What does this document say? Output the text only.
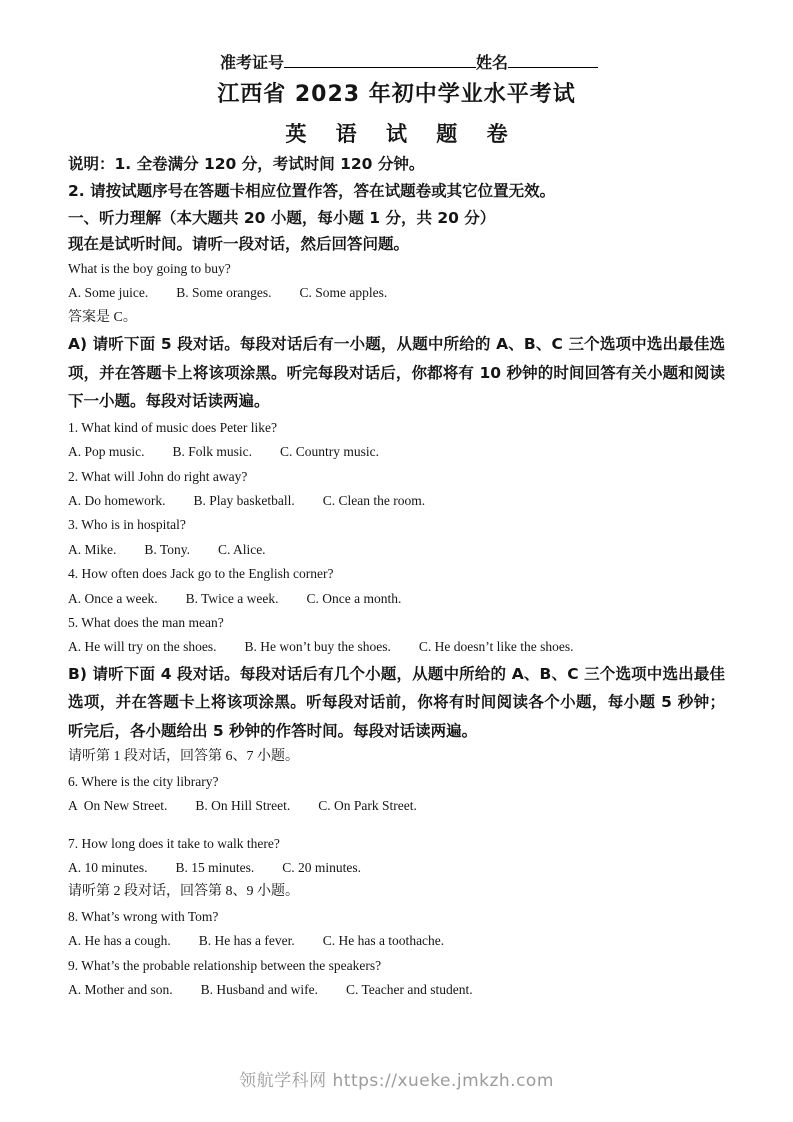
准考证号	姓名
江西省 2023 年初中学业水平考试
英 语 试 题 卷
说明：1. 全卷满分 120 分，考试时间 120 分钟。
2. 请按试题序号在答题卡相应位置作答，答在试题卷或其它位置无效。
一、听力理解（本大题共 20 小题，每小题 1 分，共 20 分）
现在是试听时间。请听一段对话，然后回答问题。
What is the boy going to buy?
A. Some juice. B. Some oranges. C. Some apples.
答案是 C。

A) 请听下面 5 段对话。每段对话后有一小题，从题中所给的 A、B、C 三个选项中选出最佳选项，并在答题卡上将该项涂黑。听完每段对话后，你都将有 10 秒钟的时间回答有关小题和阅读下一小题。每段对话读两遍。

1. What kind of music does Peter like?
A. Pop music. B. Folk music. C. Country music.
2. What will John do right away?
A. Do homework. B. Play basketball. C. Clean the room.
3. Who is in hospital?
A. Mike. B. Tony. C. Alice.
4. How often does Jack go to the English corner?
A. Once a week. B. Twice a week. C. Once a month.
5. What does the man mean?
A. He will try on the shoes. B. He won’t buy the shoes. C. He doesn’t like the shoes.

B) 请听下面 4 段对话。每段对话后有几个小题，从题中所给的 A、B、C 三个选项中选出最佳选项，并在答题卡上将该项涂黑。听每段对话前，你将有时间阅读各个小题，每小题 5 秒钟；听完后，各小题给出 5 秒钟的作答时间。每段对话读两遍。

请听第 1 段对话，回答第 6、7 小题。
6. Where is the city library?
A  On New Street. B. On Hill Street. C. On Park Street.
7. How long does it take to walk there?
A. 10 minutes. B. 15 minutes. C. 20 minutes.
请听第 2 段对话，回答第 8、9 小题。
8. What’s wrong with Tom?
A. He has a cough. B. He has a fever. C. He has a toothache.
9. What’s the probable relationship between the speakers?
A. Mother and son. B. Husband and wife. C. Teacher and student.
领航学科网 https://xueke.jmkzh.com
